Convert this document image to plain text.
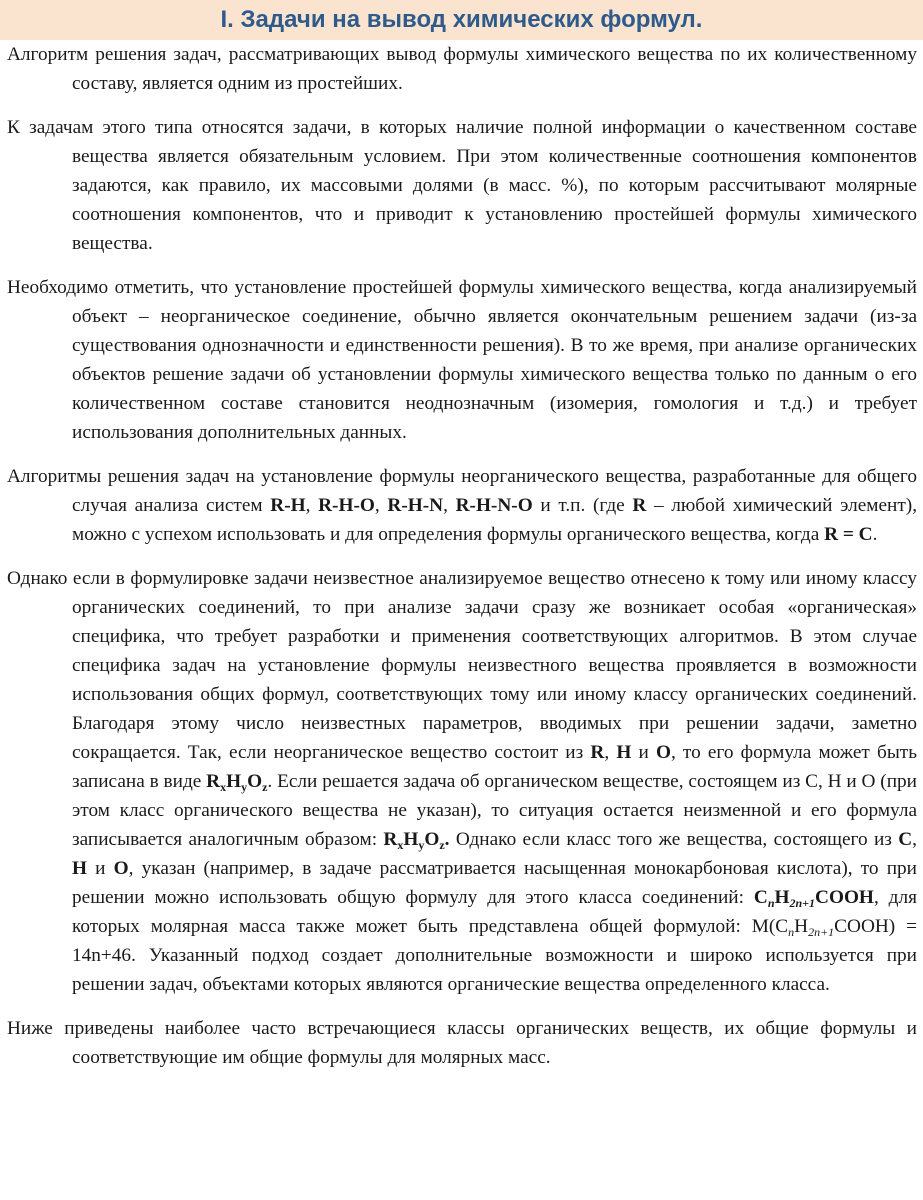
I. Задачи на вывод химических формул.

Алгоритм решения задач, рассматривающих вывод формулы химического вещества по их количественному составу, является одним из простейших.

К задачам этого типа относятся задачи, в которых наличие полной информации о качественном составе вещества является обязательным условием. При этом количественные соотношения компонентов задаются, как правило, их массовыми долями (в масс. %), по которым рассчитывают молярные соотношения компонентов, что и приводит к установлению простейшей формулы химического вещества.

Необходимо отметить, что установление простейшей формулы химического вещества, когда анализируемый объект – неорганическое соединение, обычно является окончательным решением задачи (из-за существования однозначности и единственности решения). В то же время, при анализе органических объектов решение задачи об установлении формулы химического вещества только по данным о его количественном составе становится неоднозначным (изомерия, гомология и т.д.) и требует использования дополнительных данных.

Алгоритмы решения задач на установление формулы неорганического вещества, разработанные для общего случая анализа систем R-H, R-H-O, R-H-N, R-H-N-O и т.п. (где R – любой химический элемент), можно с успехом использовать и для определения формулы органического вещества, когда R = C.

Однако если в формулировке задачи неизвестное анализируемое вещество отнесено к тому или иному классу органических соединений, то при анализе задачи сразу же возникает особая «органическая» специфика, что требует разработки и применения соответствующих алгоритмов. В этом случае специфика задач на установление формулы неизвестного вещества проявляется в возможности использования общих формул, соответствующих тому или иному классу органических соединений. Благодаря этому число неизвестных параметров, вводимых при решении задачи, заметно сокращается. Так, если неорганическое вещество состоит из R, H и O, то его формула может быть записана в виде $R_xH_yO_z$. Если решается задача об органическом веществе, состоящем из C, H и O (при этом класс органического вещества не указан), то ситуация остается неизменной и его формула записывается аналогичным образом: $R_xH_yO_z$. Однако если класс того же вещества, состоящего из C, H и O, указан (например, в задаче рассматривается насыщенная монокарбоновая кислота), то при решении можно использовать общую формулу для этого класса соединений: $C_nH_{2n+1}COOH$, для которых молярная масса также может быть представлена общей формулой: $M(C_nH_{2n+1}COOH) = 14n+46$. Указанный подход создает дополнительные возможности и широко используется при решении задач, объектами которых являются органические вещества определенного класса.

Ниже приведены наиболее часто встречающиеся классы органических веществ, их общие формулы и соответствующие им общие формулы для молярных масс.
